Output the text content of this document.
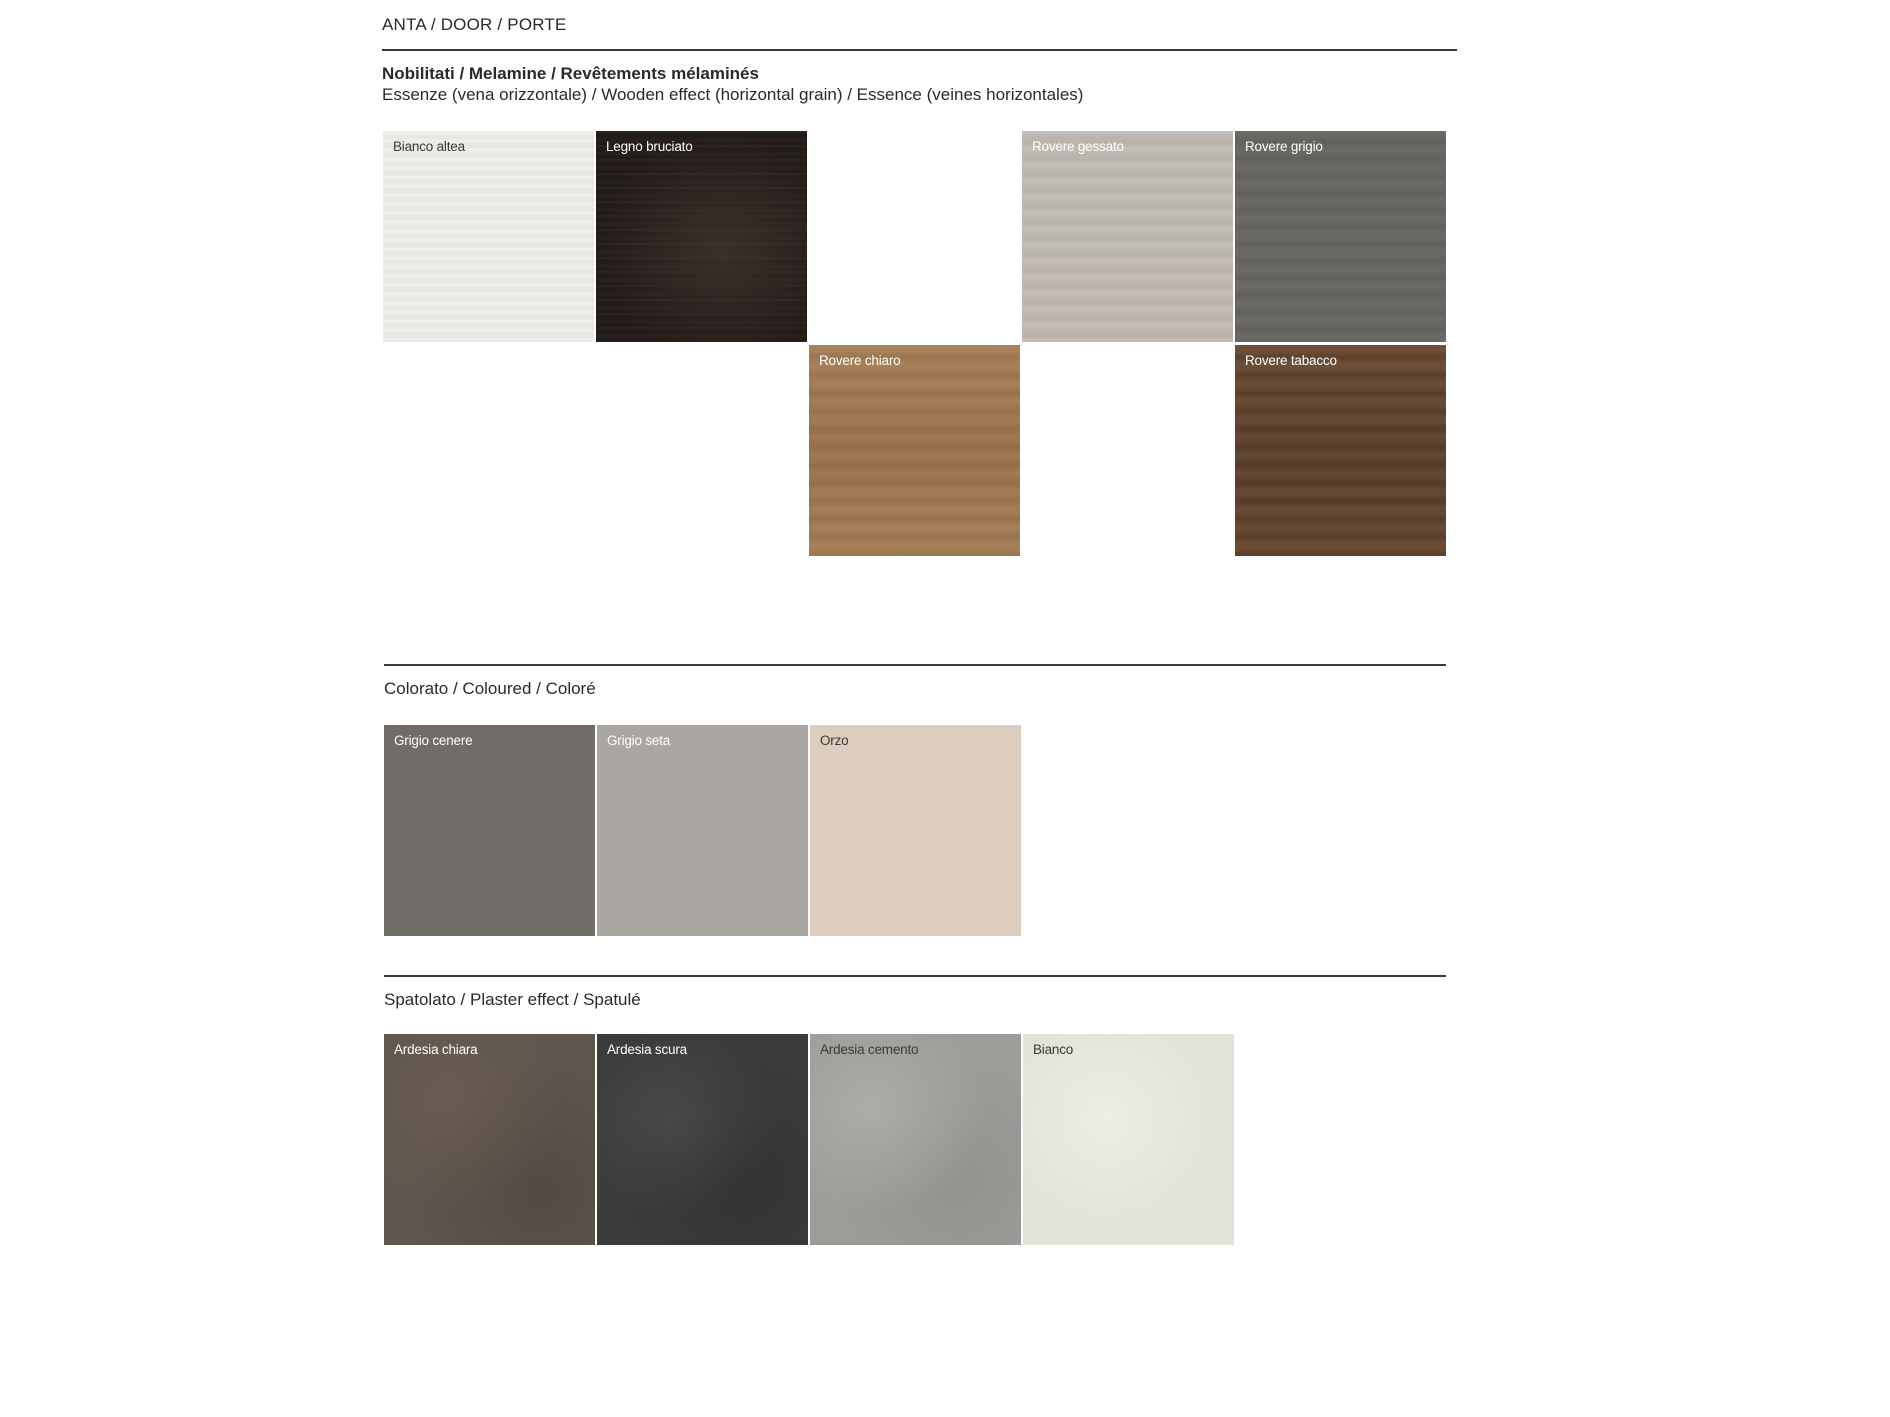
ANTA / DOOR / PORTE
Nobilitati / Melamine / Revêtements mélaminés
Essenze (vena orizzontale) / Wooden effect (horizontal grain) / Essence (veines horizontales)
Bianco altea	Legno bruciato	Rovere gessato	Rovere grigio
Rovere chiaro	Rovere tabacco
Colorato / Coloured / Coloré
Grigio cenere	Grigio seta	Orzo
Spatolato / Plaster effect / Spatulé
Ardesia chiara	Ardesia scura	Ardesia cemento	Bianco
